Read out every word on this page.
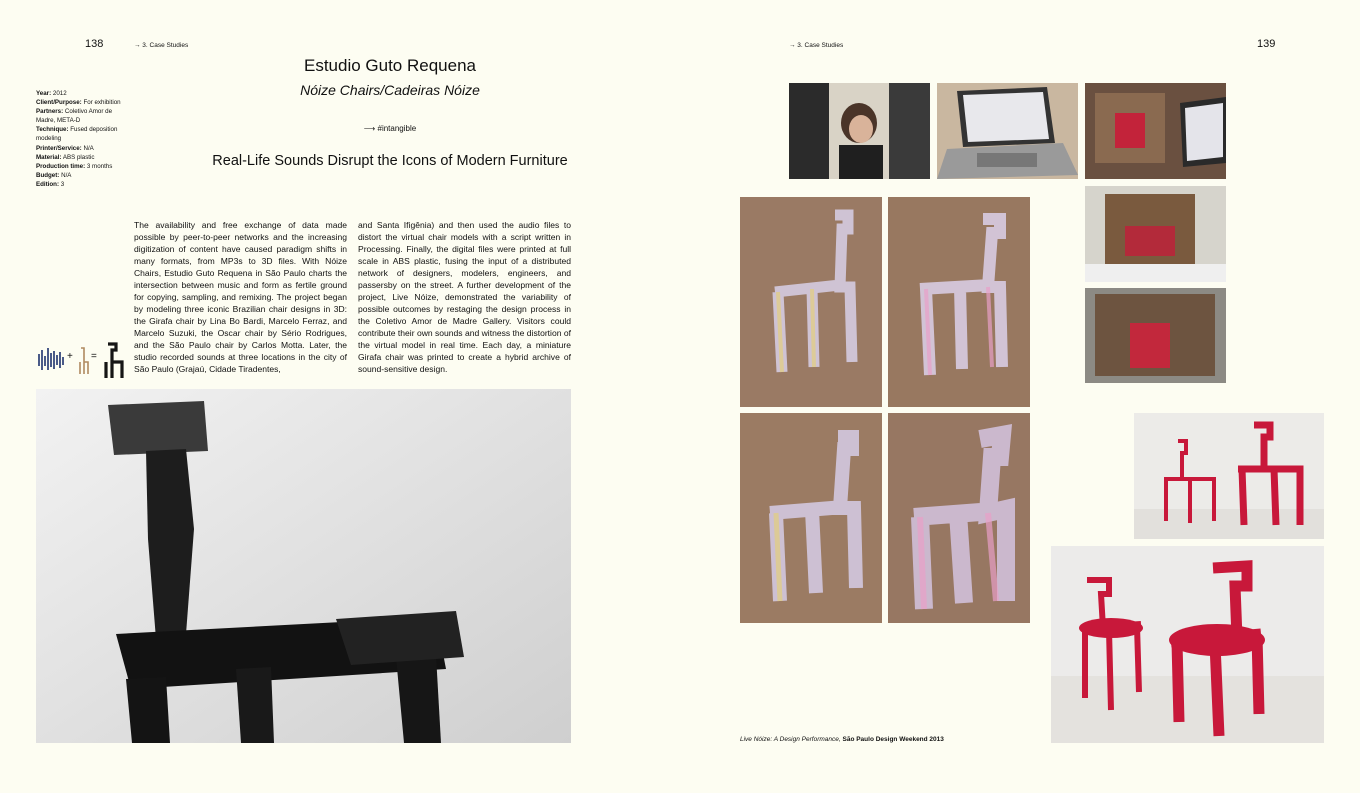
138	→ 3. Case Studies
Estudio Guto Requena
Nóize Chairs/Cadeiras Nóize
⟶ #intangible
Real-Life Sounds Disrupt the Icons of Modern Furniture
Year: 2012
Client/Purpose: For exhibition
Partners: Coletivo Amor de Madre, META-D
Technique: Fused deposition modeling
Printer/Service: N/A
Material: ABS plastic
Production time: 3 months
Budget: N/A
Edition: 3

The availability and free exchange of data made possible by peer-to-peer networks and the increasing digitization of content have caused paradigm shifts in many formats, from MP3s to 3D files. With Nóize Chairs, Estudio Guto Requena in São Paulo charts the intersection between music and form as fertile ground for copying, sampling, and remixing. The project began by modeling three iconic Brazilian chair designs in 3D: the Girafa chair by Lina Bo Bardi, Marcelo Ferraz, and Marcelo Suzuki, the Oscar chair by Sério Rodrigues, and the São Paulo chair by Carlos Motta. Later, the studio recorded sounds at three locations in the city of São Paulo (Grajaú, Cidade Tiradentes,

and Santa Ifigênia) and then used the audio files to distort the virtual chair models with a script written in Processing. Finally, the digital files were printed at full scale in ABS plastic, fusing the input of a distributed network of designers, modelers, engineers, and passersby on the street. A further development of the project, Live Nóize, demonstrated the variability of possible outcomes by restaging the design process in the Coletivo Amor de Madre Gallery. Visitors could contribute their own sounds and witness the distortion of the virtual model in real time. Each day, a miniature Girafa chair was printed to create a hybrid archive of sound-sensitive design.

+ =
→ 3. Case Studies	139
Live Nóize: A Design Performance, São Paulo Design Weekend 2013
